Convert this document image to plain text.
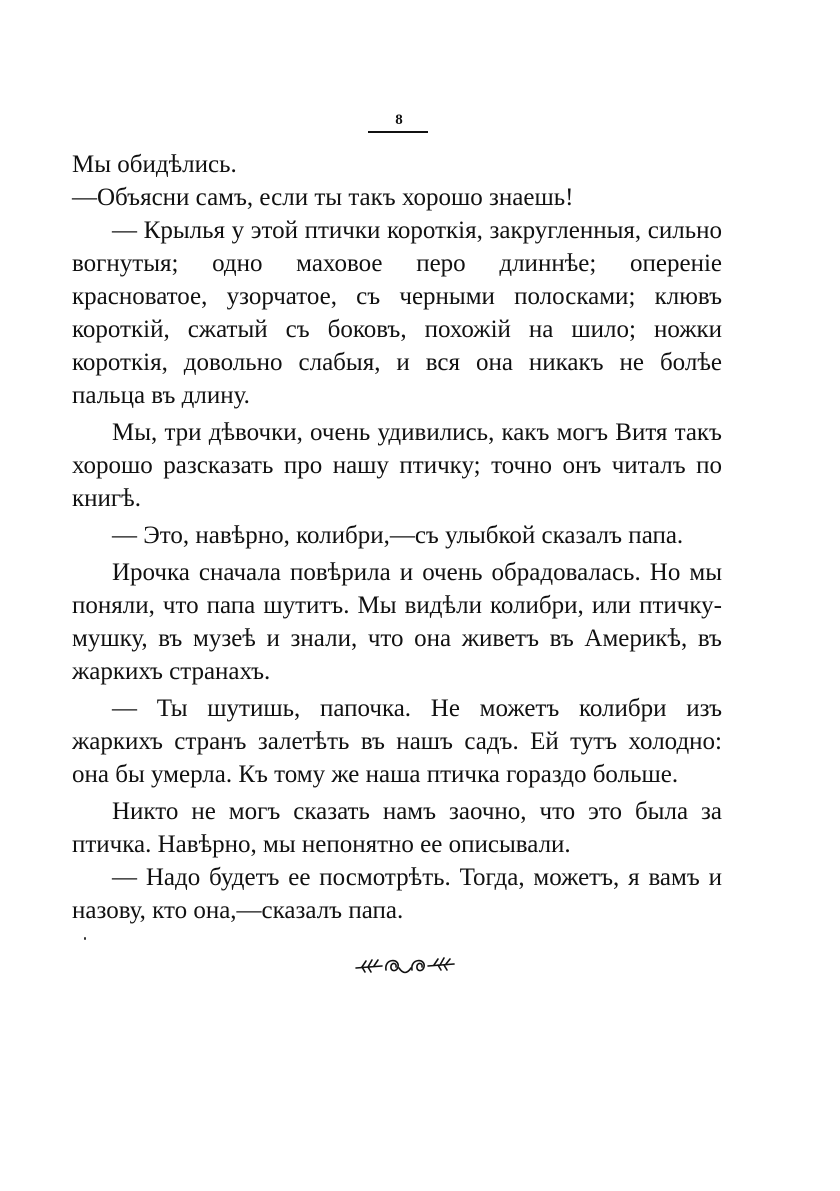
8

Мы обидѣлись.

—Объясни самъ, если ты такъ хорошо знаешь!

— Крылья у этой птички короткія, закругленныя, сильно вогнутыя; одно маховое перо длиннѣе; опереніе красноватое, узорчатое, съ черными полосками; клювъ короткій, сжатый съ боковъ, похожій на шило; ножки короткія, довольно слабыя, и вся она никакъ не болѣе пальца въ длину.

Мы, три дѣвочки, очень удивились, какъ могъ Витя такъ хорошо разсказать про нашу птичку; точно онъ читалъ по книгѣ.

— Это, навѣрно, колибри,—съ улыбкой сказалъ папа.

Ирочка сначала повѣрила и очень обрадовалась. Но мы поняли, что папа шутитъ. Мы видѣли колибри, или птичку-мушку, въ музеѣ и знали, что она живетъ въ Америкѣ, въ жаркихъ странахъ.

— Ты шутишь, папочка. Не можетъ колибри изъ жаркихъ странъ залетѣть въ нашъ садъ. Ей тутъ холодно: она бы умерла. Къ тому же наша птичка гораздо больше.

Никто не могъ сказать намъ заочно, что это была за птичка. Навѣрно, мы непонятно ее описывали.

— Надо будетъ ее посмотрѣть. Тогда, можетъ, я вамъ и назову, кто она,—сказалъ папа.
